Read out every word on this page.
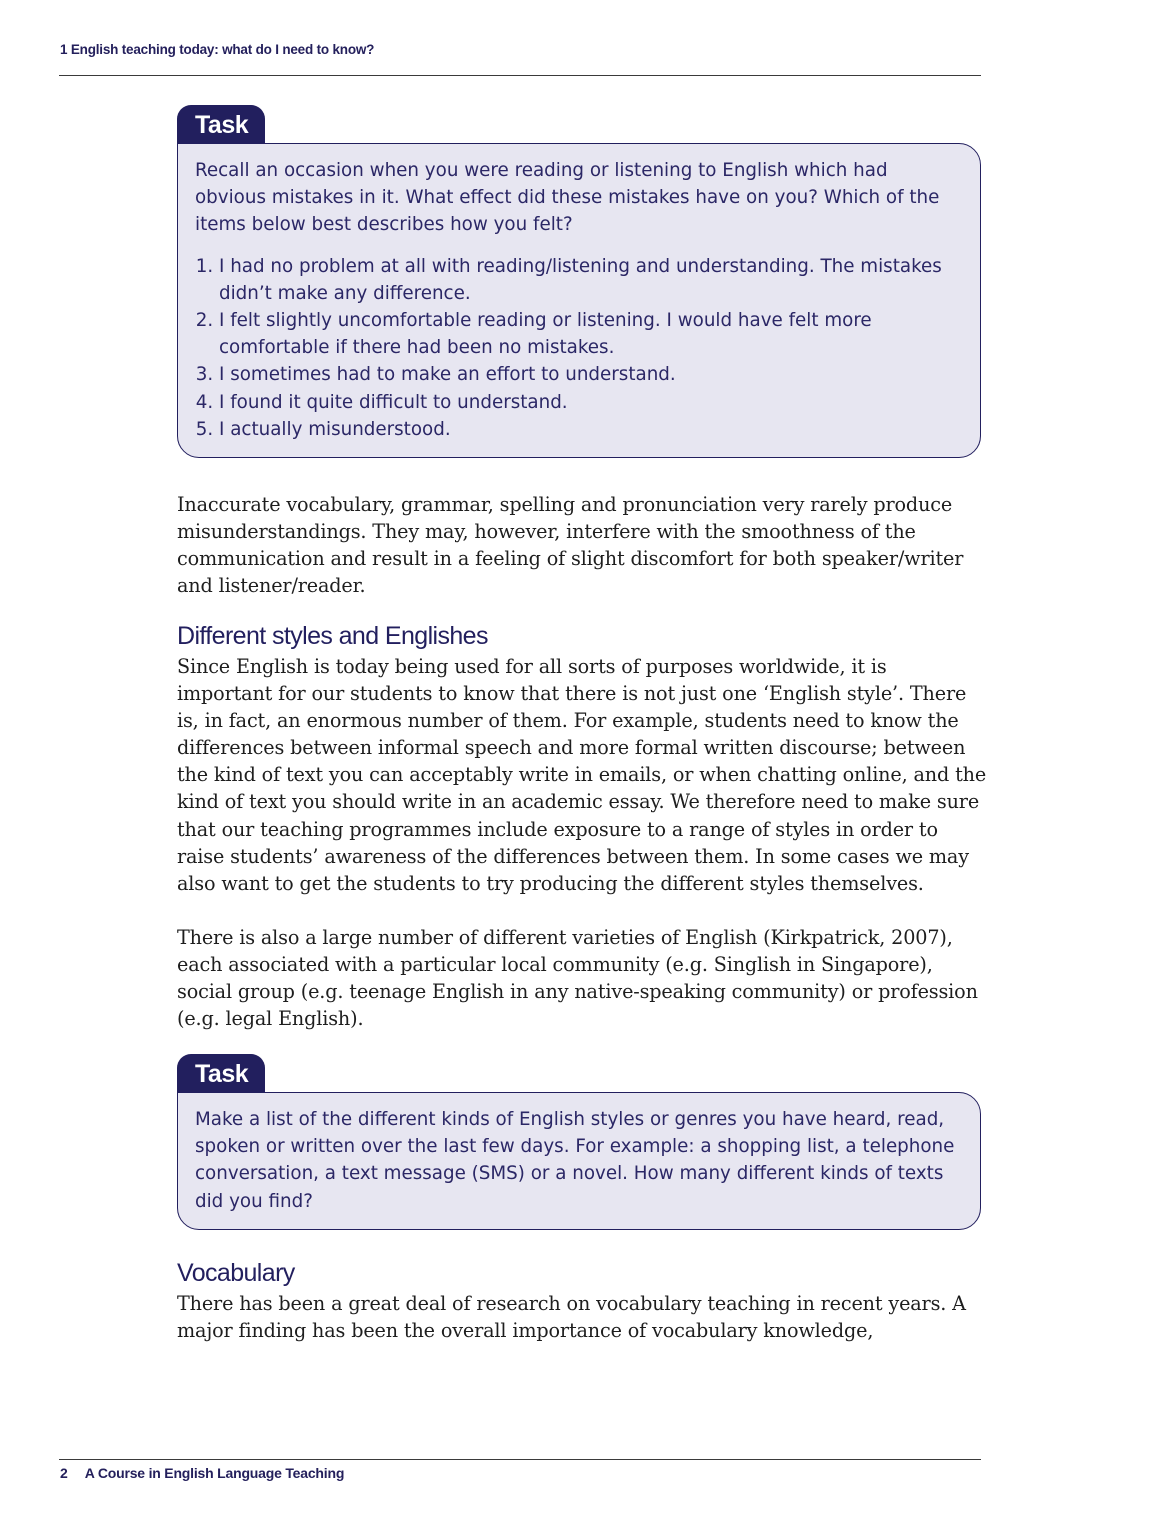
1 English teaching today: what do I need to know?
Task

Recall an occasion when you were reading or listening to English which had obvious mistakes in it. What effect did these mistakes have on you? Which of the items below best describes how you felt?

1. I had no problem at all with reading/listening and understanding. The mistakes didn’t make any difference.
2. I felt slightly uncomfortable reading or listening. I would have felt more comfortable if there had been no mistakes.
3. I sometimes had to make an effort to understand.
4. I found it quite difficult to understand.
5. I actually misunderstood.

Inaccurate vocabulary, grammar, spelling and pronunciation very rarely produce misunderstandings. They may, however, interfere with the smoothness of the communication and result in a feeling of slight discomfort for both speaker/writer and listener/reader.

Different styles and Englishes

Since English is today being used for all sorts of purposes worldwide, it is important for our students to know that there is not just one ‘English style’. There is, in fact, an enormous number of them. For example, students need to know the differences between informal speech and more formal written discourse; between the kind of text you can acceptably write in emails, or when chatting online, and the kind of text you should write in an academic essay. We therefore need to make sure that our teaching programmes include exposure to a range of styles in order to raise students’ awareness of the differences between them. In some cases we may also want to get the students to try producing the different styles themselves.

There is also a large number of different varieties of English (Kirkpatrick, 2007), each associated with a particular local community (e.g. Singlish in Singapore), social group (e.g. teenage English in any native-speaking community) or profession (e.g. legal English).

Task

Make a list of the different kinds of English styles or genres you have heard, read, spoken or written over the last few days. For example: a shopping list, a telephone conversation, a text message (SMS) or a novel. How many different kinds of texts did you find?

Vocabulary

There has been a great deal of research on vocabulary teaching in recent years. A major finding has been the overall importance of vocabulary knowledge,

2 A Course in English Language Teaching
